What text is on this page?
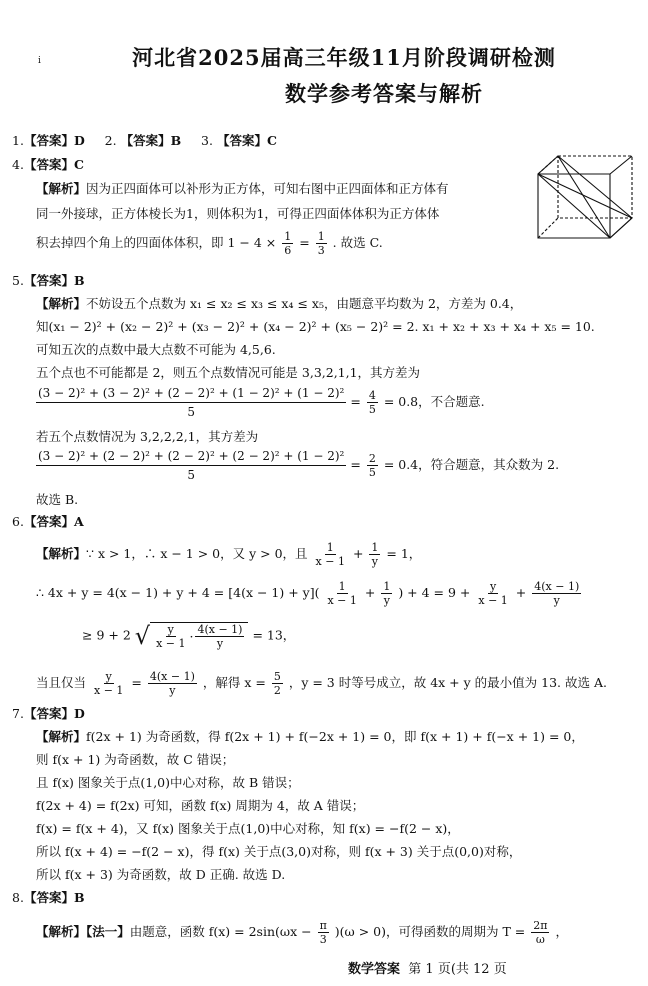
ⅰ	河北省2025届高三年级11月阶段调研检测
数学参考答案与解析
1.【答案】D 2. 【答案】B 3. 【答案】C
4.【答案】C
【解析】因为正四面体可以补形为正方体，可知右图中正四面体和正方体有
同一外接球，正方体棱长为1，则体积为1，可得正四面体体积为正方体体
积去掉四个角上的四面体体积，即 $1 - 4 \times \frac{1}{6} = \frac{1}{3}$ . 故选 C.
5.【答案】B
【解析】不妨设五个点数为 x₁ ≤ x₂ ≤ x₃ ≤ x₄ ≤ x₅，由题意平均数为 2，方差为 0.4，
知(x₁ − 2)² + (x₂ − 2)² + (x₃ − 2)² + (x₄ − 2)² + (x₅ − 2)² = 2. x₁ + x₂ + x₃ + x₄ + x₅ = 10.
可知五次的点数中最大点数不可能为 4,5,6.
五个点也不可能都是 2，则五个点数情况可能是 3,3,2,1,1，其方差为
$\frac{\text{(3 − 2)² + (3 − 2)² + (2 − 2)² + (1 − 2)² + (1 − 2)²}}{5} = \frac{4}{5} = 0.8$，不合题意.
若五个点数情况为 3,2,2,2,1，其方差为
$\frac{\text{(3 − 2)² + (2 − 2)² + (2 − 2)² + (2 − 2)² + (1 − 2)²}}{5} = \frac{2}{5} = 0.4$，符合题意，其众数为 2.
故选 B.
6.【答案】A
【解析】∵ x > 1，∴ x − 1 > 0，又 y > 0，且 $\frac{1}{x - 1} + \frac{1}{y} = 1$，
∴ $4x + y = 4(x - 1) + y + 4 = [4(x - 1) + y]( \frac{1}{x - 1} + \frac{1}{y}$ ) + $4 = 9 + \frac{y}{x - 1} + \frac{4(x - 1)}{y}$
≥ 9 + 2 √ $\frac{y}{x - 1} \cdot \frac{4(x - 1)}{y} = 13$，
当且仅当 $\frac{y}{x - 1} = \frac{4(x - 1)}{y}$ ，解得 $x = \frac{5}{2}$ ，y = 3 时等号成立，故 4x + y 的最小值为 13. 故选 A.
7.【答案】D
【解析】f(2x + 1) 为奇函数，得 f(2x + 1) + f(−2x + 1) = 0，即 f(x + 1) + f(−x + 1) = 0，
则 f(x + 1) 为奇函数，故 C 错误；
且 f(x) 图象关于点(1,0)中心对称，故 B 错误；
f(2x + 4) = f(2x) 可知，函数 f(x) 周期为 4，故 A 错误；
f(x) = f(x + 4)，又 f(x) 图象关于点(1,0)中心对称，知 f(x) = −f(2 − x)，
所以 f(x + 4) = −f(2 − x)，得 f(x) 关于点(3,0)对称，则 f(x + 3) 关于点(0,0)对称，
所以 f(x + 3) 为奇函数，故 D 正确. 故选 D.
8.【答案】B
【解析】【法一】由题意，函数 $f(x) = 2\sin(\omega x - \frac{\pi}{3} )(\omega > 0)$，可得函数的周期为 $T = \frac{2\pi}{\omega}$ ，
数学答案 第 1 页(共 12 页
